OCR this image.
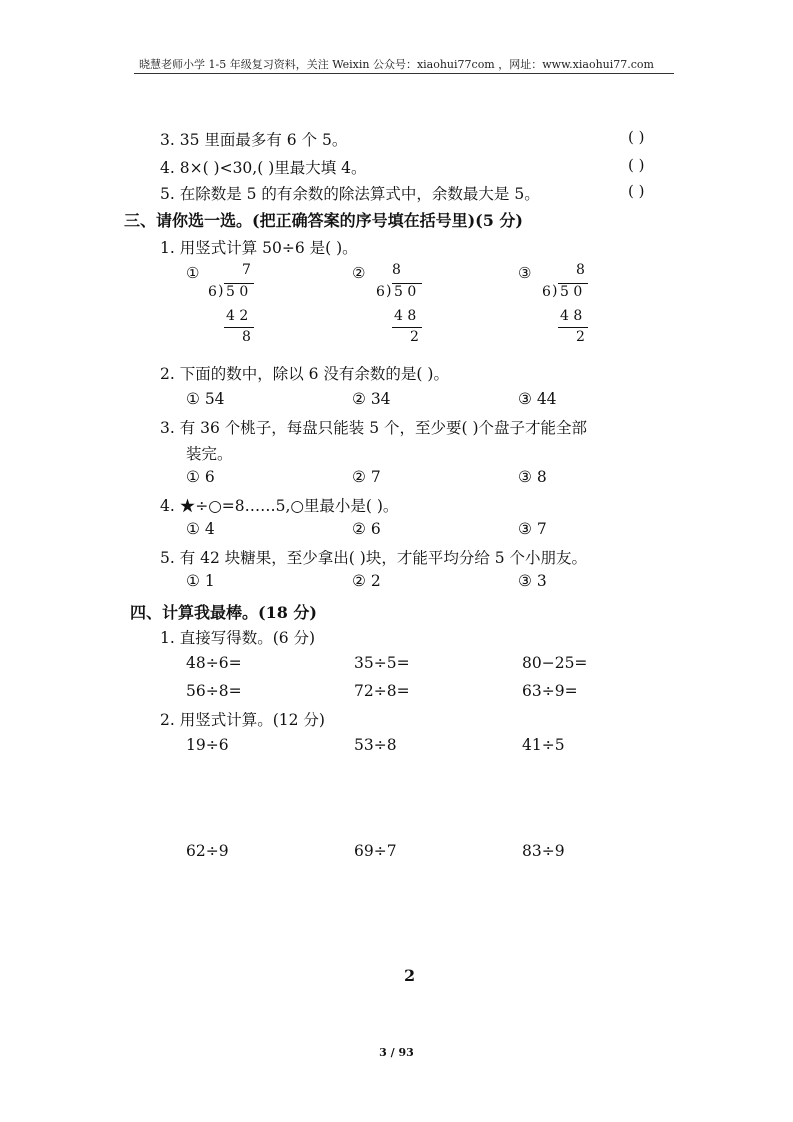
晓慧老师小学 1-5 年级复习资料，关注 Weixin 公众号：xiaohui77com ，网址：www.xiaohui77.com
3. 35 里面最多有 6 个 5。	( )
4. 8×( )<30,( )里最大填 4。	( )
5. 在除数是 5 的有余数的除法算式中，余数最大是 5。	( )
三、请你选一选。(把正确答案的序号填在括号里)(5 分)
1. 用竖式计算 50÷6 是( )。
①	7
6 ) 5 0
4 2
8
② 8
6 ) 5 0
4 8
2
③	8
6 ) 5 0
4 8
2
2. 下面的数中，除以 6 没有余数的是( )。
① 54	② 34	③ 44
3. 有 36 个桃子，每盘只能装 5 个，至少要( )个盘子才能全部
装完。
① 6	② 7	③ 8
4. ★÷○=8……5,○里最小是( )。
① 4	② 6	③ 7
5. 有 42 块糖果，至少拿出( )块，才能平均分给 5 个小朋友。
① 1	② 2	③ 3
四、计算我最棒。(18 分)
1. 直接写得数。(6 分)
48÷6=	35÷5=	80−25=
56÷8=	72÷8=	63÷9=
2. 用竖式计算。(12 分)
19÷6	53÷8	41÷5
62÷9	69÷7	83÷9
2
3 / 93
